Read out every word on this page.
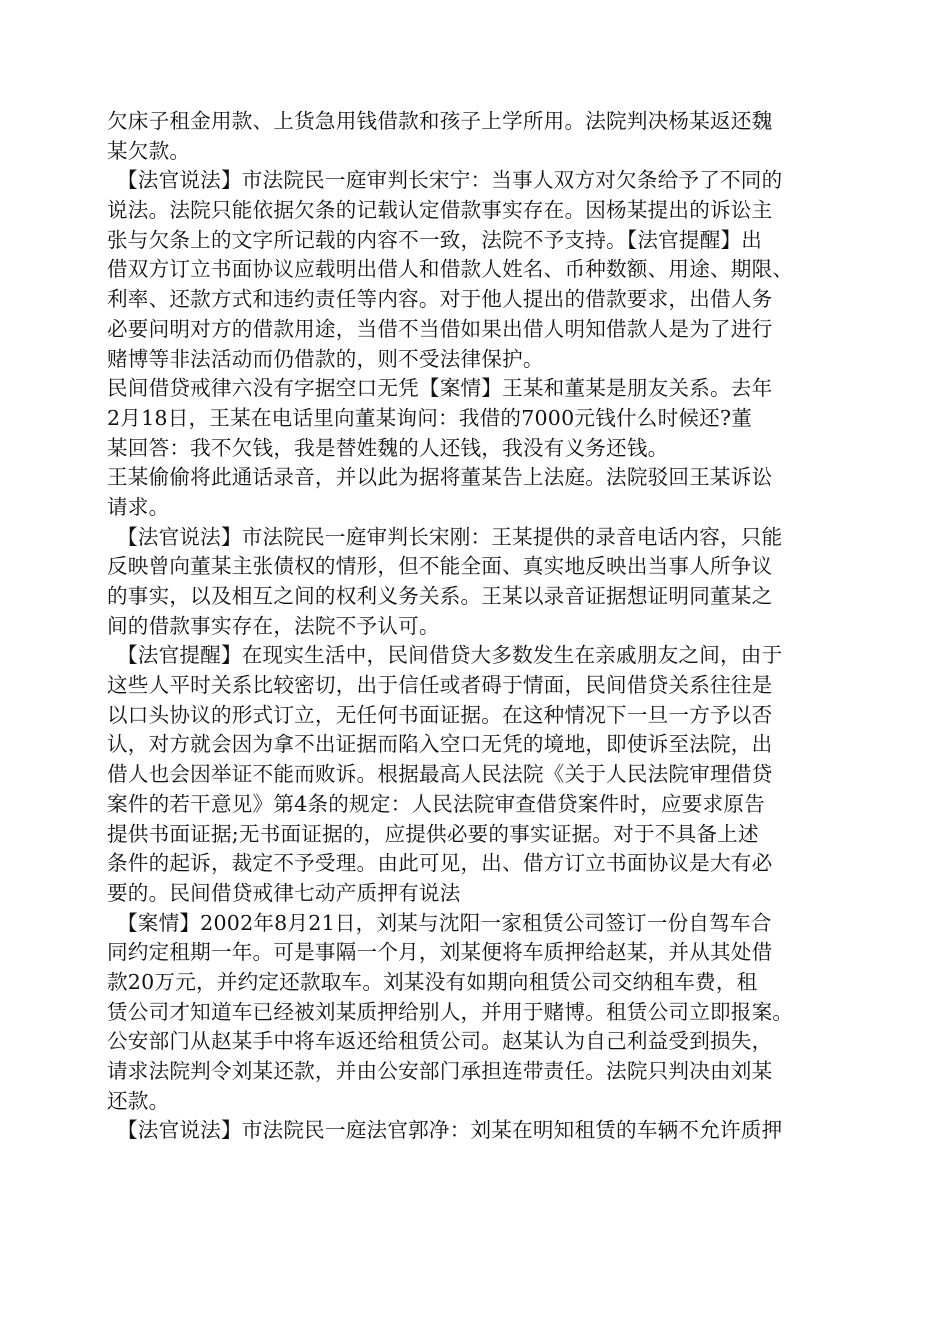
欠床子租金用款、上货急用钱借款和孩子上学所用。法院判决杨某返还魏
某欠款。
【法官说法】市法院民一庭审判长宋宁：当事人双方对欠条给予了不同的
说法。法院只能依据欠条的记载认定借款事实存在。因杨某提出的诉讼主
张与欠条上的文字所记载的内容不一致，法院不予支持。【法官提醒】出
借双方订立书面协议应载明出借人和借款人姓名、币种数额、用途、期限、
利率、还款方式和违约责任等内容。对于他人提出的借款要求，出借人务
必要问明对方的借款用途，当借不当借如果出借人明知借款人是为了进行
赌博等非法活动而仍借款的，则不受法律保护。
民间借贷戒律六没有字据空口无凭【案情】王某和董某是朋友关系。去年
2月18日，王某在电话里向董某询问：我借的7000元钱什么时候还?董
某回答：我不欠钱，我是替姓魏的人还钱，我没有义务还钱。
王某偷偷将此通话录音，并以此为据将董某告上法庭。法院驳回王某诉讼
请求。
【法官说法】市法院民一庭审判长宋刚：王某提供的录音电话内容，只能
反映曾向董某主张债权的情形，但不能全面、真实地反映出当事人所争议
的事实，以及相互之间的权利义务关系。王某以录音证据想证明同董某之
间的借款事实存在，法院不予认可。
【法官提醒】在现实生活中，民间借贷大多数发生在亲戚朋友之间，由于
这些人平时关系比较密切，出于信任或者碍于情面，民间借贷关系往往是
以口头协议的形式订立，无任何书面证据。在这种情况下一旦一方予以否
认，对方就会因为拿不出证据而陷入空口无凭的境地，即使诉至法院，出
借人也会因举证不能而败诉。根据最高人民法院《关于人民法院审理借贷
案件的若干意见》第4条的规定：人民法院审查借贷案件时，应要求原告
提供书面证据;无书面证据的，应提供必要的事实证据。对于不具备上述
条件的起诉，裁定不予受理。由此可见，出、借方订立书面协议是大有必
要的。民间借贷戒律七动产质押有说法
【案情】2002年8月21日，刘某与沈阳一家租赁公司签订一份自驾车合
同约定租期一年。可是事隔一个月，刘某便将车质押给赵某，并从其处借
款20万元，并约定还款取车。刘某没有如期向租赁公司交纳租车费，租
赁公司才知道车已经被刘某质押给别人，并用于赌博。租赁公司立即报案。
公安部门从赵某手中将车返还给租赁公司。赵某认为自己利益受到损失，
请求法院判令刘某还款，并由公安部门承担连带责任。法院只判决由刘某
还款。
【法官说法】市法院民一庭法官郭净：刘某在明知租赁的车辆不允许质押
